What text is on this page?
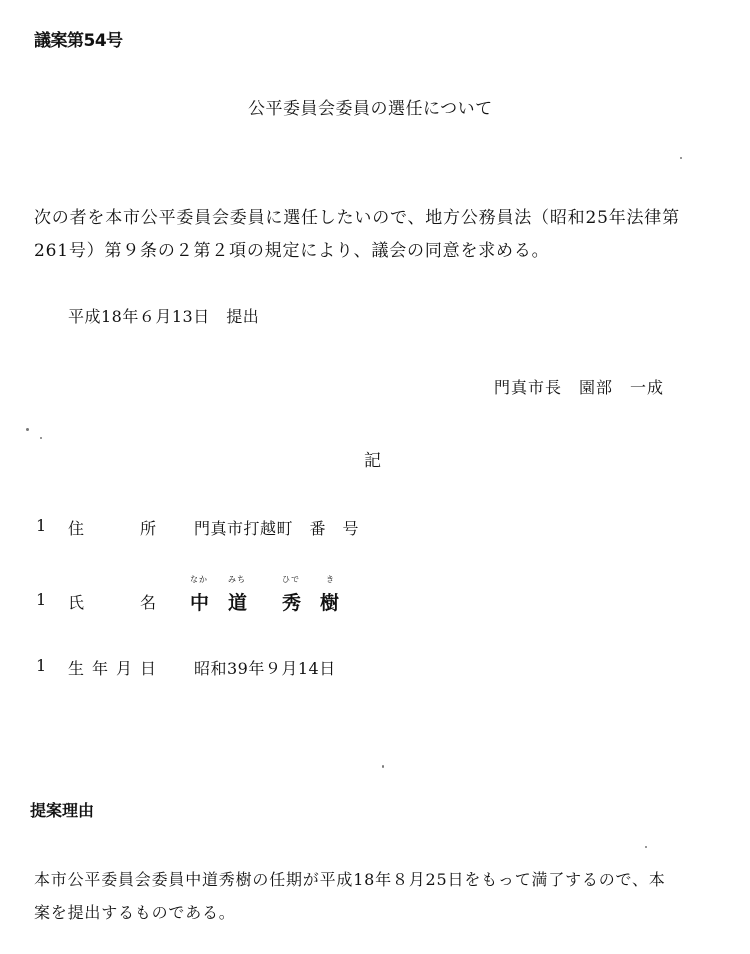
議案第54号
公平委員会委員の選任について
次の者を本市公平委員会委員に選任したいので、地方公務員法（昭和25年法律第
261号）第９条の２第２項の規定により、議会の同意を求める。
平成18年６月13日　提出
門真市長　園部　一成
記
1 住	所 門真市打越町　番　号
1 氏	名
なか
中
みち
道
ひで
秀
き
樹
1 生年月日 昭和39年９月14日
提案理由
本市公平委員会委員中道秀樹の任期が平成18年８月25日をもって満了するので、本
案を提出するものである。
